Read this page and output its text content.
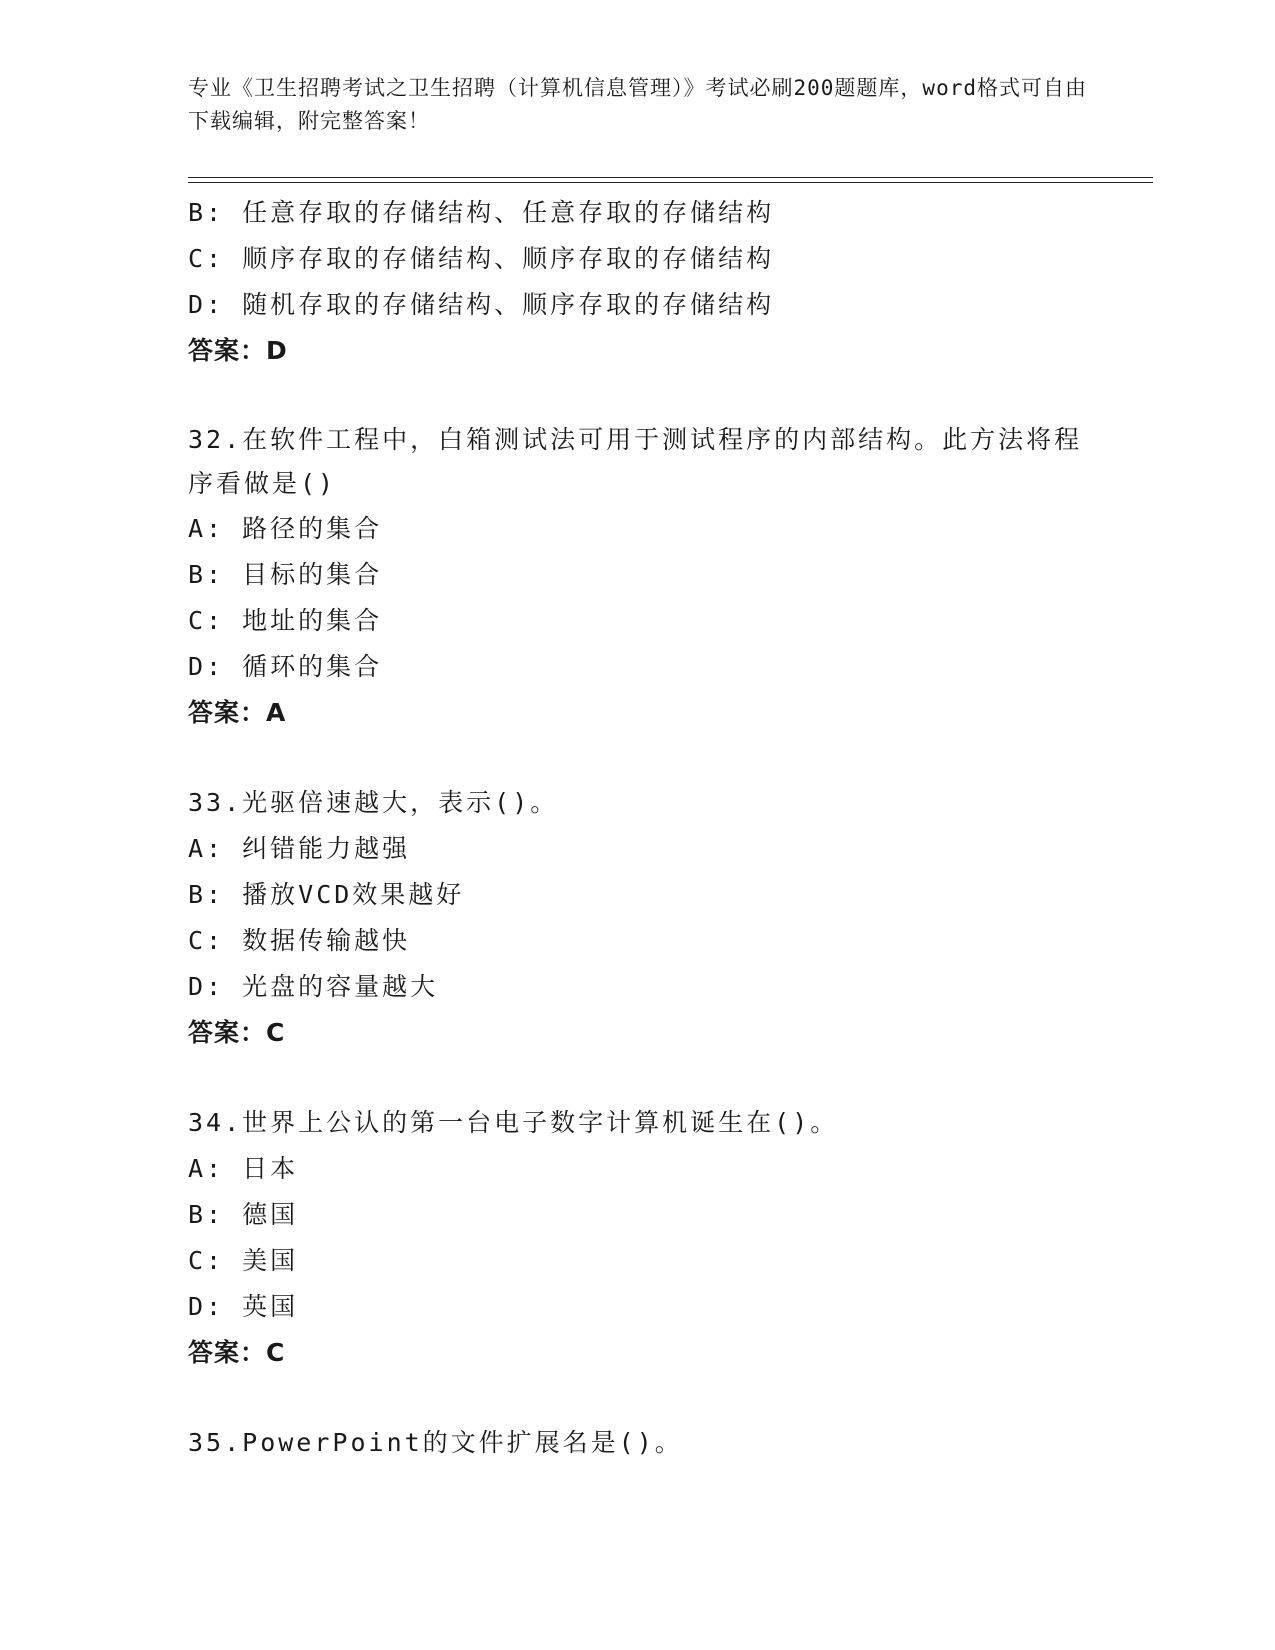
专业《卫生招聘考试之卫生招聘（计算机信息管理）》考试必刷200题题库，word格式可自由下载编辑，附完整答案！
B: 任意存取的存储结构、任意存取的存储结构
C: 顺序存取的存储结构、顺序存取的存储结构
D: 随机存取的存储结构、顺序存取的存储结构
答案：D
32.在软件工程中，白箱测试法可用于测试程序的内部结构。此方法将程序看做是()
A: 路径的集合
B: 目标的集合
C: 地址的集合
D: 循环的集合
答案：A
33.光驱倍速越大，表示()。
A: 纠错能力越强
B: 播放VCD效果越好
C: 数据传输越快
D: 光盘的容量越大
答案：C
34.世界上公认的第一台电子数字计算机诞生在()。
A: 日本
B: 德国
C: 美国
D: 英国
答案：C
35.PowerPoint的文件扩展名是()。
